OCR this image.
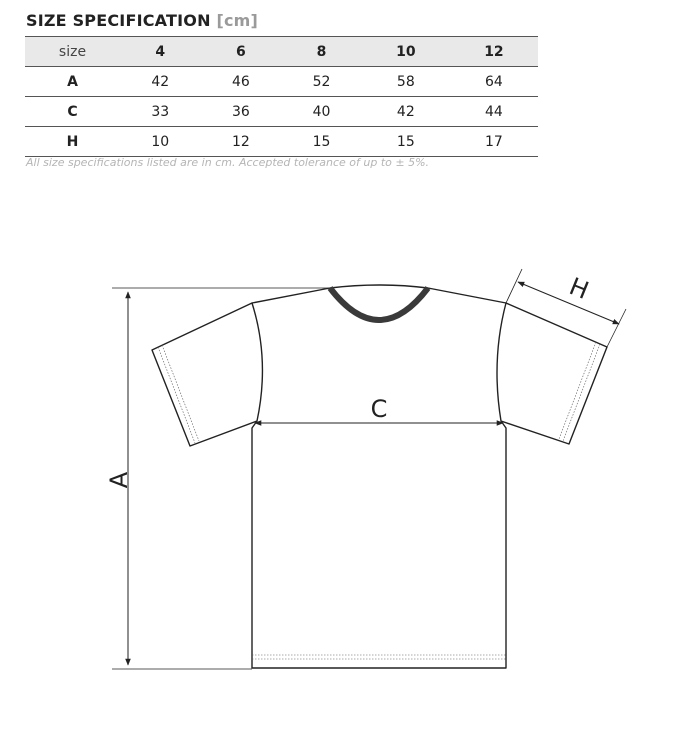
SIZE SPECIFICATION [cm]
size	4	6	8	10	12
A	42	46	52	58	64
C	33	36	40	42	44
H	10	12	15	15	17
All size specifications listed are in cm. Accepted tolerance of up to ± 5%.
A
C
H
